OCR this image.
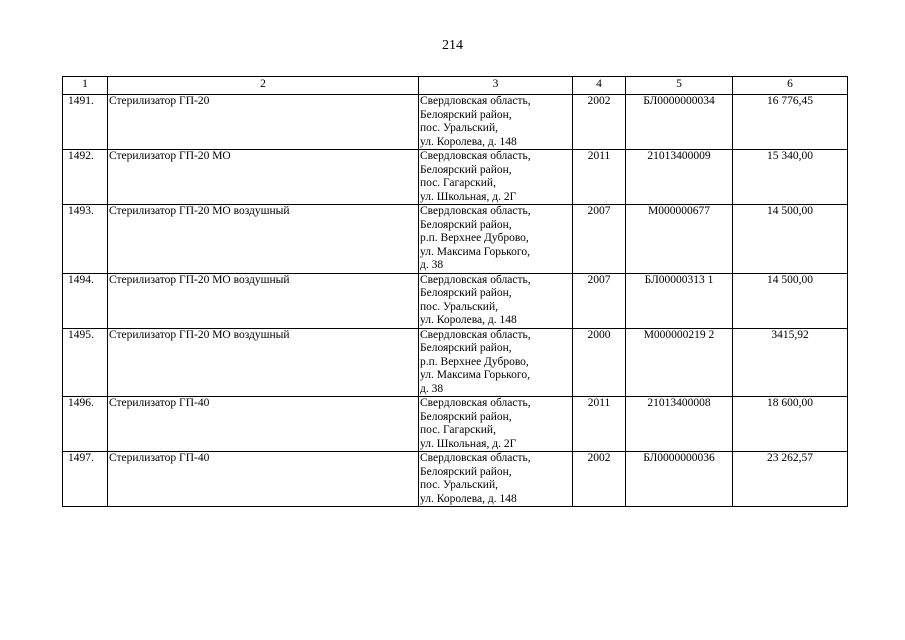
214
1	2	3	4	5	6
1491.	Стерилизатор ГП-20	Свердловская область,
Белоярский район,
пос. Уральский,
ул. Королева, д. 148	2002	БЛ0000000034	16 776,45
1492.	Стерилизатор ГП-20 МО	Свердловская область,
Белоярский район,
пос. Гагарский,
ул. Школьная, д. 2Г	2011	21013400009	15 340,00
1493.	Стерилизатор ГП-20 МО воздушный	Свердловская область,
Белоярский район,
р.п. Верхнее Дуброво,
ул. Максима Горького,
д. 38	2007	М000000677	14 500,00
1494.	Стерилизатор ГП-20 МО воздушный	Свердловская область,
Белоярский район,
пос. Уральский,
ул. Королева, д. 148	2007	БЛ00000313 1	14 500,00
1495.	Стерилизатор ГП-20 МО воздушный	Свердловская область,
Белоярский район,
р.п. Верхнее Дуброво,
ул. Максима Горького,
д. 38	2000	М000000219 2	3415,92
1496.	Стерилизатор ГП-40	Свердловская область,
Белоярский район,
пос. Гагарский,
ул. Школьная, д. 2Г	2011	21013400008	18 600,00
1497.	Стерилизатор ГП-40	Свердловская область,
Белоярский район,
пос. Уральский,
ул. Королева, д. 148	2002	БЛ0000000036	23 262,57
